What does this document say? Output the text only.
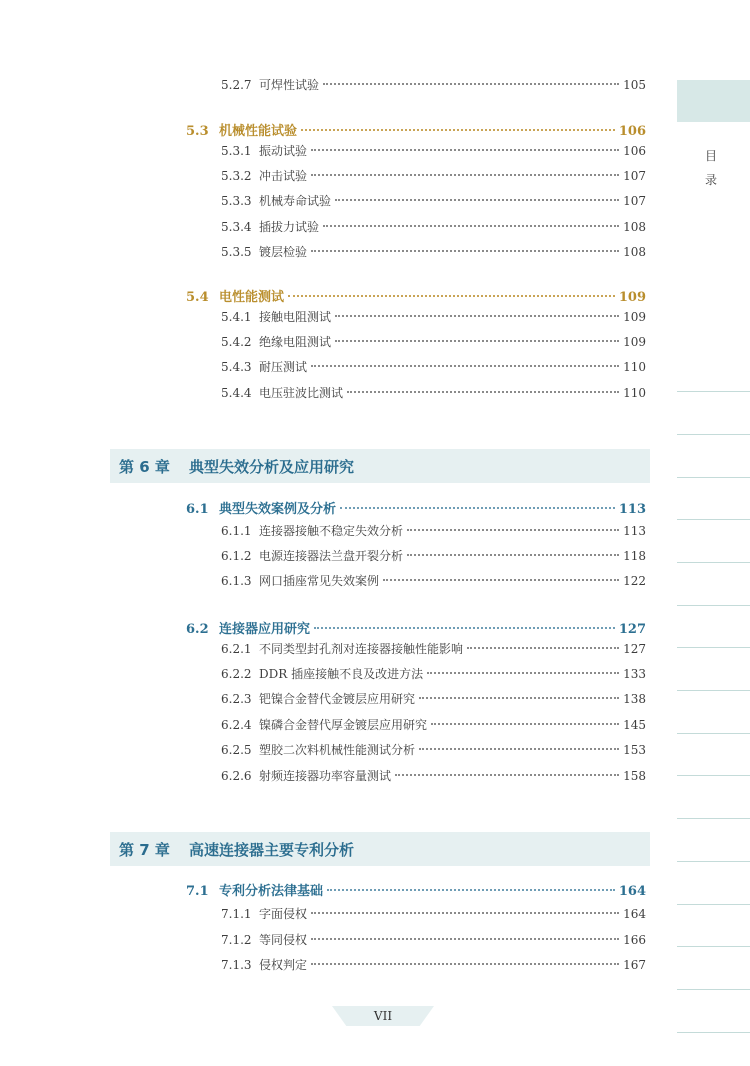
目录
5.2.7 可焊性试验	105
5.3 机械性能试验	106
5.3.1 振动试验	106
5.3.2 冲击试验	107
5.3.3 机械寿命试验	107
5.3.4 插拔力试验	108
5.3.5 镀层检验	108
5.4 电性能测试	109
5.4.1 接触电阻测试	109
5.4.2 绝缘电阻测试	109
5.4.3 耐压测试	110
5.4.4 电压驻波比测试	110
第 6 章	典型失效分析及应用研究
6.1 典型失效案例及分析	113
6.1.1 连接器接触不稳定失效分析	113
6.1.2 电源连接器法兰盘开裂分析	118
6.1.3 网口插座常见失效案例	122
6.2 连接器应用研究	127
6.2.1 不同类型封孔剂对连接器接触性能影响	127
6.2.2 DDR 插座接触不良及改进方法	133
6.2.3 钯镍合金替代金镀层应用研究	138
6.2.4 镍磷合金替代厚金镀层应用研究	145
6.2.5 塑胶二次料机械性能测试分析	153
6.2.6 射频连接器功率容量测试	158
第 7 章	高速连接器主要专利分析
7.1 专利分析法律基础	164
7.1.1 字面侵权	164
7.1.2 等同侵权	166
7.1.3 侵权判定	167
VII
